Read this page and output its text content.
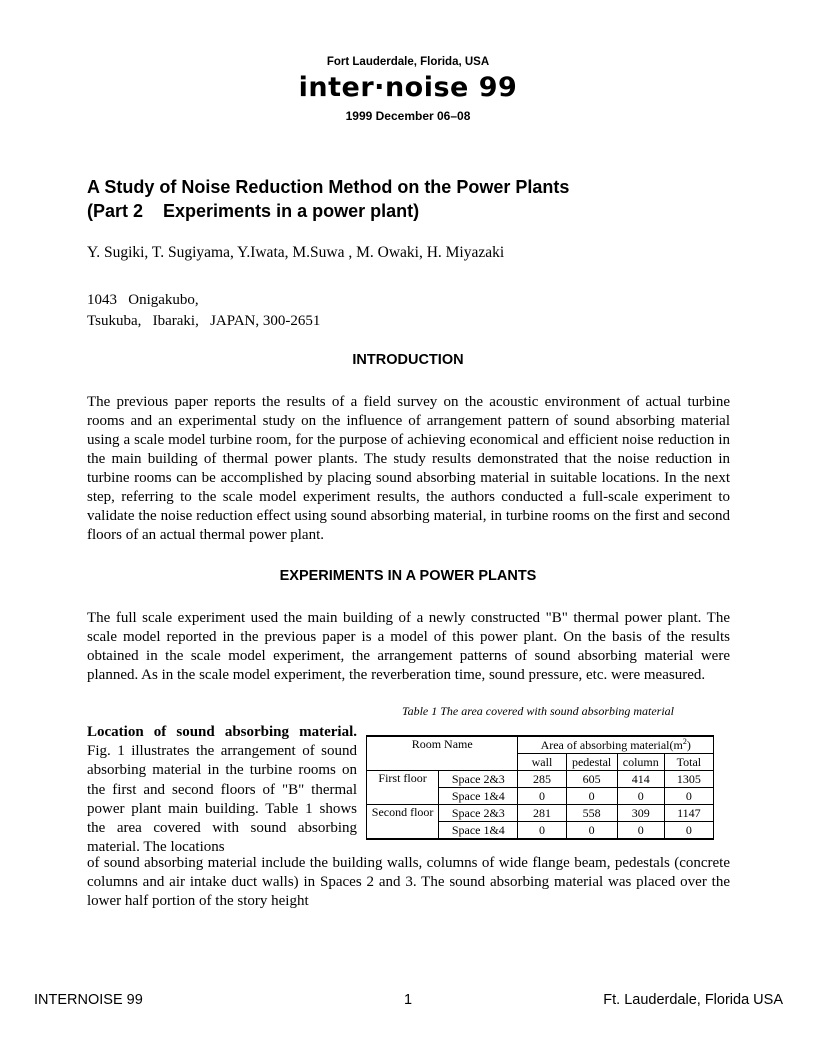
Fort Lauderdale, Florida, USA
inter·noise 99
1999 December 06–08
A Study of Noise Reduction Method on the Power Plants
(Part 2    Experiments in a power plant)
Y. Sugiki, T. Sugiyama, Y.Iwata, M.Suwa , M. Owaki, H. Miyazaki
1043   Onigakubo,
Tsukuba,   Ibaraki,   JAPAN, 300-2651
INTRODUCTION
The previous paper reports the results of a field survey on the acoustic environment of actual turbine rooms and an experimental study on the influence of arrangement pattern of sound absorbing material using a scale model turbine room, for the purpose of achieving economical and efficient noise reduction in the main building of thermal power plants. The study results demonstrated that the noise reduction in turbine rooms can be accomplished by placing sound absorbing material in suitable locations. In the next step, referring to the scale model experiment results, the authors conducted a full-scale experiment to validate the noise reduction effect using sound absorbing material, in turbine rooms on the first and second floors of an actual thermal power plant.
EXPERIMENTS IN A POWER PLANTS
The full scale experiment used the main building of a newly constructed "B" thermal power plant. The scale model reported in the previous paper is a model of this power plant. On the basis of the results obtained in the scale model experiment, the arrangement patterns of sound absorbing material were planned. As in the scale model experiment, the reverberation time, sound pressure, etc. were measured.
Location of sound absorbing material. Fig. 1 illustrates the arrangement of sound absorbing material in the turbine rooms on the first and second floors of "B" thermal power plant main building. Table 1 shows the area covered with sound absorbing material. The locations
Table 1 The area covered with sound absorbing material
Room Name		Area of absorbing $material(m^2)$			
		wall	pedestal	column	Total
First floor	Space 2&3	285	605	414	1305
	Space 1&4	0	0	0	0
Second floor	Space 2&3	281	558	309	1147
	Space 1&4	0	0	0	0
of sound absorbing material include the building walls, columns of wide flange beam, pedestals (concrete columns and air intake duct walls) in Spaces 2 and 3. The sound absorbing material was placed over the lower half portion of the story height
INTERNOISE 99	1	Ft. Lauderdale, Florida USA
